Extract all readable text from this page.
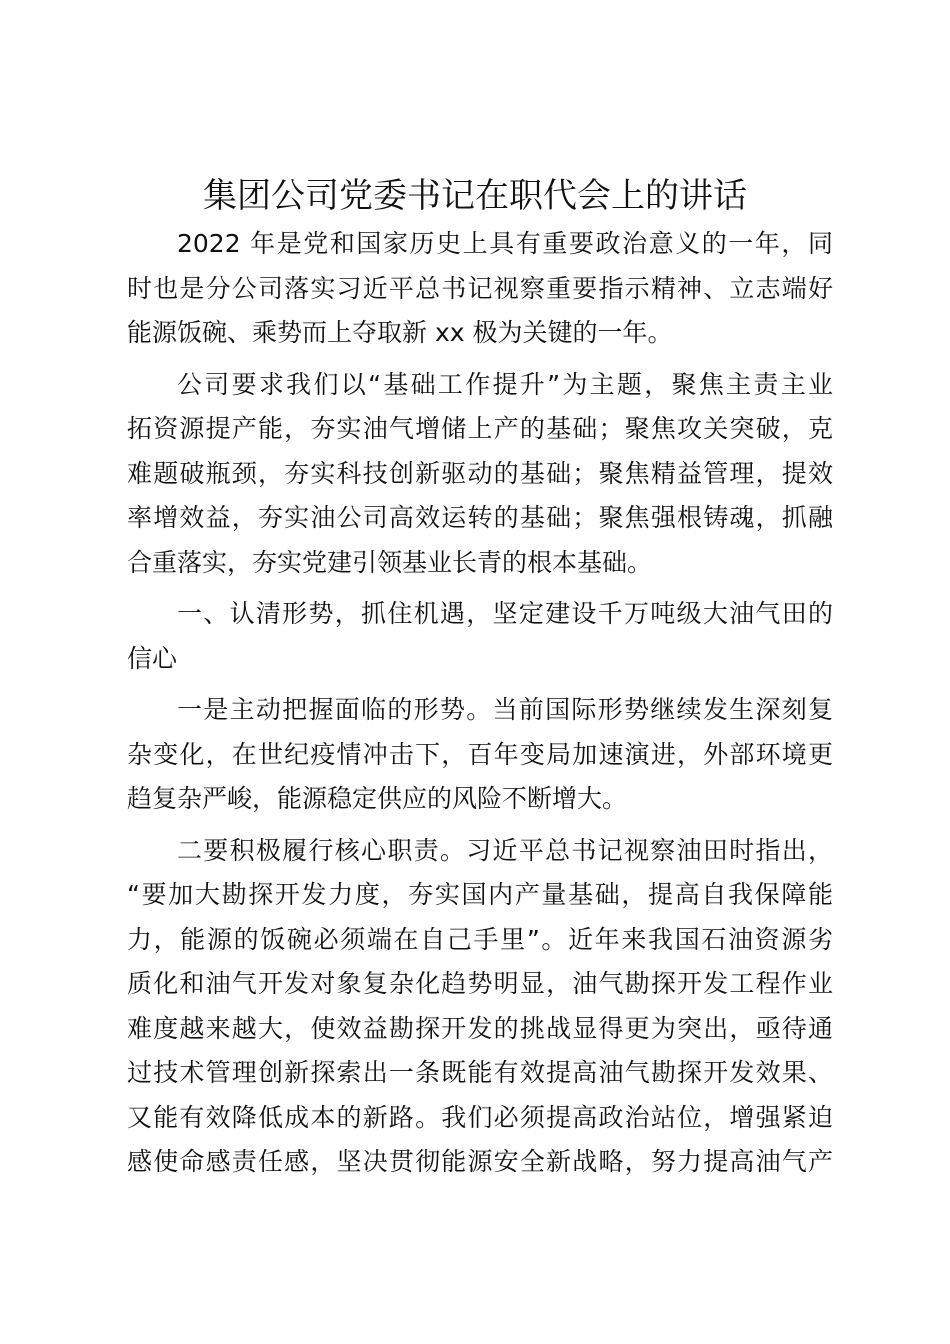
集团公司党委书记在职代会上的讲话
2022 年是党和国家历史上具有重要政治意义的一年，同
时也是分公司落实习近平总书记视察重要指示精神、立志端好
能源饭碗、乘势而上夺取新 xx 极为关键的一年。
公司要求我们以“基础工作提升”为主题，聚焦主责主业
拓资源提产能，夯实油气增储上产的基础；聚焦攻关突破，克
难题破瓶颈，夯实科技创新驱动的基础；聚焦精益管理，提效
率增效益，夯实油公司高效运转的基础；聚焦强根铸魂，抓融
合重落实，夯实党建引领基业长青的根本基础。
一、认清形势，抓住机遇，坚定建设千万吨级大油气田的
信心
一是主动把握面临的形势。当前国际形势继续发生深刻复
杂变化，在世纪疫情冲击下，百年变局加速演进，外部环境更
趋复杂严峻，能源稳定供应的风险不断增大。
二要积极履行核心职责。习近平总书记视察油田时指出，
“要加大勘探开发力度，夯实国内产量基础，提高自我保障能
力，能源的饭碗必须端在自己手里”。近年来我国石油资源劣
质化和油气开发对象复杂化趋势明显，油气勘探开发工程作业
难度越来越大，使效益勘探开发的挑战显得更为突出，亟待通
过技术管理创新探索出一条既能有效提高油气勘探开发效果、
又能有效降低成本的新路。我们必须提高政治站位，增强紧迫
感使命感责任感，坚决贯彻能源安全新战略，努力提高油气产
